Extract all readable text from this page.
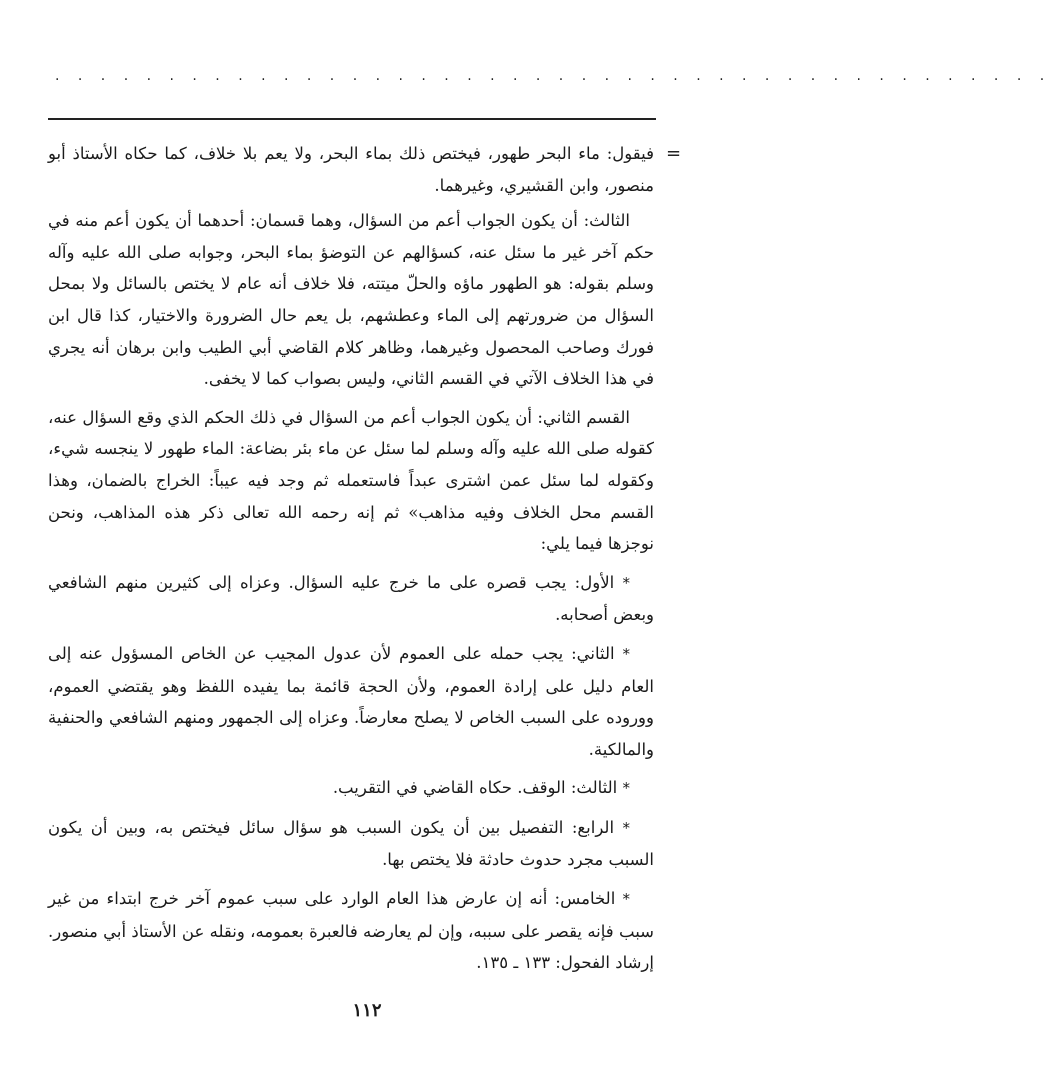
. . . . . . . . . . . . . . . . . . . . . . . . . . . . . . . . . . . . . . . . . . . .
=

فيقول: ماء البحر طهور، فيختص ذلك بماء البحر، ولا يعم بلا خلاف، كما حكاه الأستاذ أبو منصور، وابن القشيري، وغيرهما.

الثالث: أن يكون الجواب أعم من السؤال، وهما قسمان: أحدهما أن يكون أعم منه في حكم آخر غير ما سئل عنه، كسؤالهم عن التوضؤ بماء البحر، وجوابه صلى الله عليه وآله وسلم بقوله: هو الطهور ماؤه والحلّ ميتته، فلا خلاف أنه عام لا يختص بالسائل ولا بمحل السؤال من ضرورتهم إلى الماء وعطشهم، بل يعم حال الضرورة والاختيار، كذا قال ابن فورك وصاحب المحصول وغيرهما، وظاهر كلام القاضي أبي الطيب وابن برهان أنه يجري في هذا الخلاف الآتي في القسم الثاني، وليس بصواب كما لا يخفى.

القسم الثاني: أن يكون الجواب أعم من السؤال في ذلك الحكم الذي وقع السؤال عنه، كقوله صلى الله عليه وآله وسلم لما سئل عن ماء بئر بضاعة: الماء طهور لا ينجسه شيء، وكقوله لما سئل عمن اشترى عبداً فاستعمله ثم وجد فيه عيباً: الخراج بالضمان، وهذا القسم محل الخلاف وفيه مذاهب» ثم إنه رحمه الله تعالى ذكر هذه المذاهب، ونحن نوجزها فيما يلي:

* الأول: يجب قصره على ما خرج عليه السؤال. وعزاه إلى كثيرين منهم الشافعي وبعض أصحابه.

* الثاني: يجب حمله على العموم لأن عدول المجيب عن الخاص المسؤول عنه إلى العام دليل على إرادة العموم، ولأن الحجة قائمة بما يفيده اللفظ وهو يقتضي العموم، ووروده على السبب الخاص لا يصلح معارضاً. وعزاه إلى الجمهور ومنهم الشافعي والحنفية والمالكية.

* الثالث: الوقف. حكاه القاضي في التقريب.

* الرابع: التفصيل بين أن يكون السبب هو سؤال سائل فيختص به، وبين أن يكون السبب مجرد حدوث حادثة فلا يختص بها.

* الخامس: أنه إن عارض هذا العام الوارد على سبب عموم آخر خرج ابتداء من غير سبب فإنه يقصر على سببه، وإن لم يعارضه فالعبرة بعمومه، ونقله عن الأستاذ أبي منصور. إرشاد الفحول: ١٣٣ ـ ١٣٥.

١١٢
